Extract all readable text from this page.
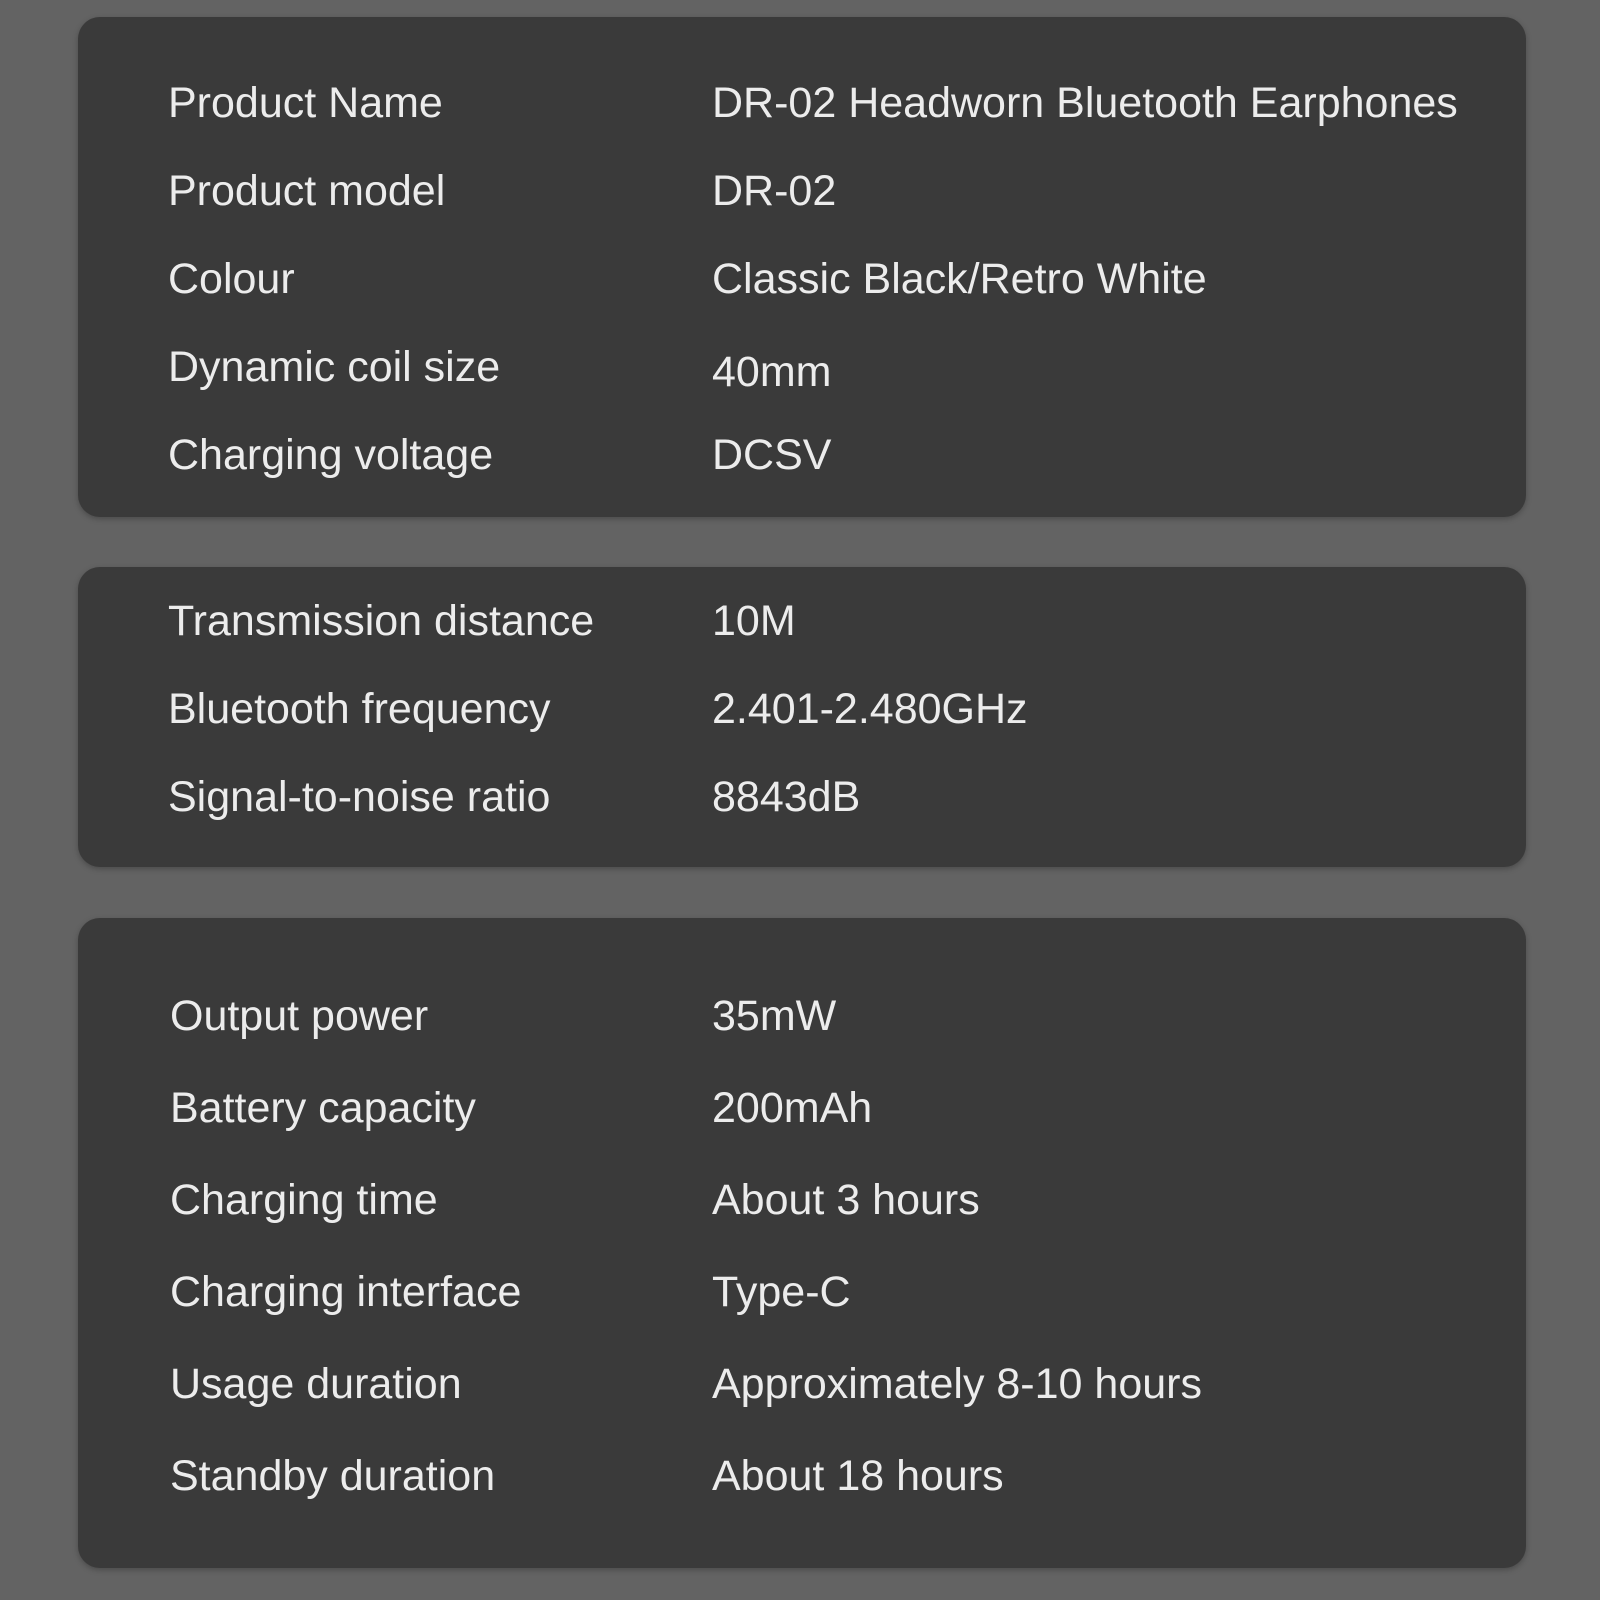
Product Name	DR-02 Headworn Bluetooth Earphones
Product model	DR-02
Colour	Classic Black/Retro White
Dynamic coil size	40mm
Charging voltage	DCSV
Transmission distance	10M
Bluetooth frequency	2.401-2.480GHz
Signal-to-noise ratio	8843dB
Output power	35mW
Battery capacity	200mAh
Charging time	About 3 hours
Charging interface	Type-C
Usage duration	Approximately 8-10 hours
Standby duration	About 18 hours
